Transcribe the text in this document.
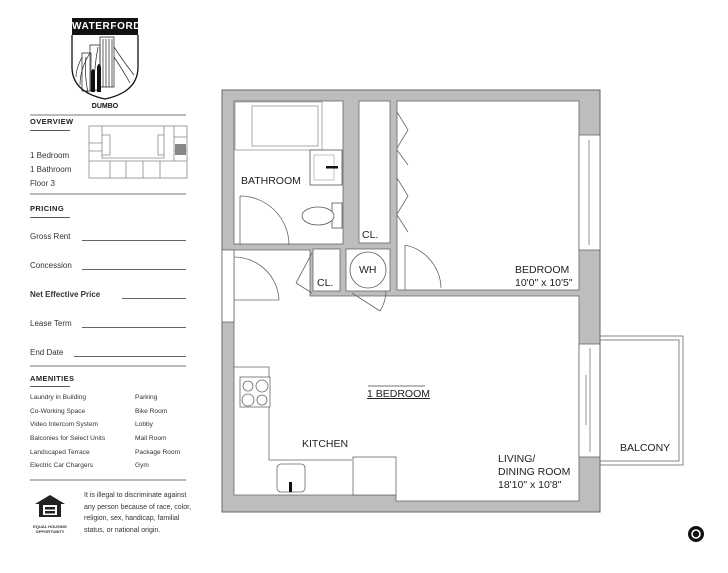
DUMBO
WATERFORD
OVERVIEW
1 Bedroom
1 Bathroom
Floor 3
PRICING
Gross Rent
Concession
Net Effective Price
Lease Term
End Date
AMENITIES
Laundry in Building
Co-Working Space
Video Intercom System
Balconies for Select Units
Landscaped Terrace
Electric Car Chargers
Parking
Bike Room
Lobby
Mail Room
Package Room
Gym
EQUAL HOUSING OPPORTUNITY
It is illegal to discriminate against any person because of race, color, religion, sex, handicap, familial status, or national origin.
BATHROOM
CL.
CL.
WH	BEDROOM
10'0" x 10'5"
1 BEDROOM
KITCHEN
LIVING/
DINING ROOM
18'10" x 10'8"
BALCONY
